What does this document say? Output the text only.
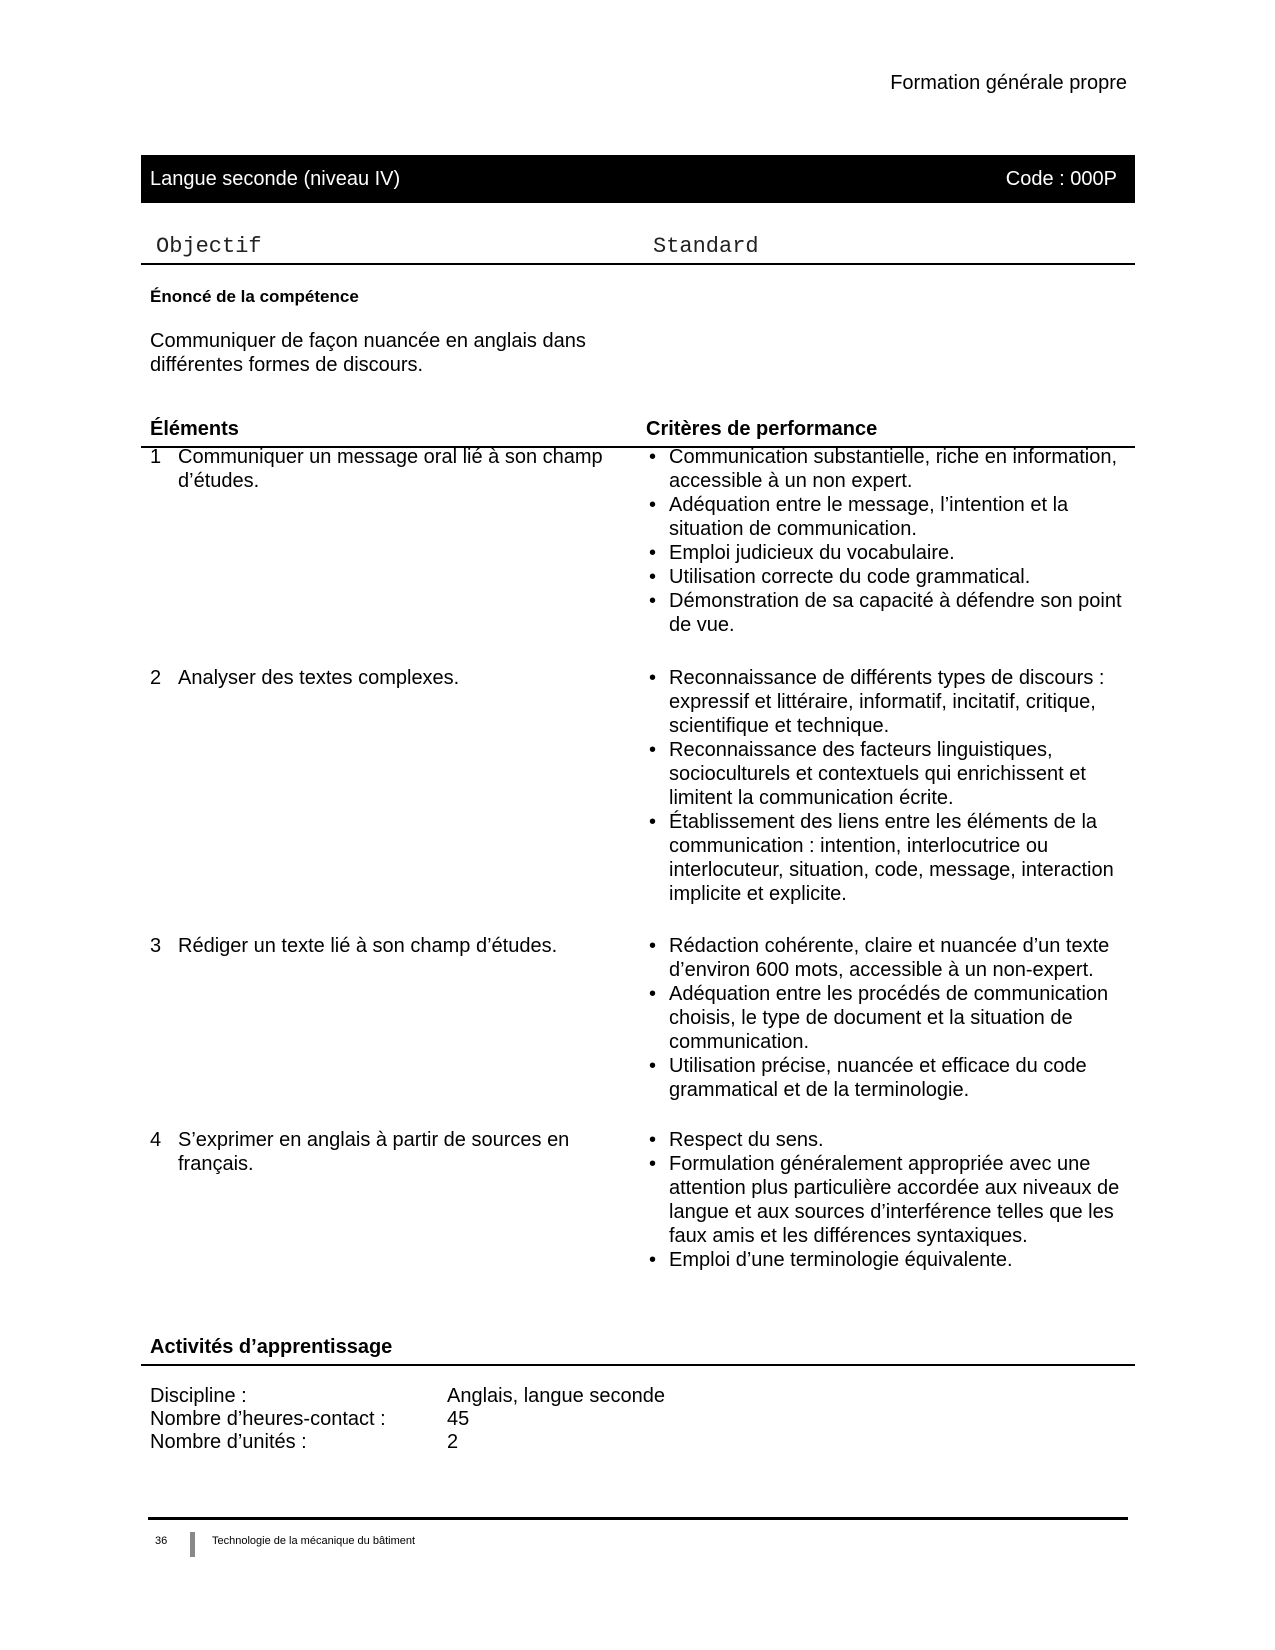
Formation générale propre
Langue seconde (niveau IV)	Code : 000P
Objectif	Standard
Énoncé de la compétence
Communiquer de façon nuancée en anglais dans différentes formes de discours.
Éléments	Critères de performance
1 Communiquer un message oral lié à son champ d’études.
• Communication substantielle, riche en information, accessible à un non expert.
• Adéquation entre le message, l’intention et la situation de communication.
• Emploi judicieux du vocabulaire.
• Utilisation correcte du code grammatical.
• Démonstration de sa capacité à défendre son point de vue.
2 Analyser des textes complexes.	• Reconnaissance de différents types de discours : expressif et littéraire, informatif, incitatif, critique, scientifique et technique.
• Reconnaissance des facteurs linguistiques, socioculturels et contextuels qui enrichissent et limitent la communication écrite.
• Établissement des liens entre les éléments de la communication : intention, interlocutrice ou interlocuteur, situation, code, message, interaction implicite et explicite.
3 Rédiger un texte lié à son champ d’études.	• Rédaction cohérente, claire et nuancée d’un texte d’environ 600 mots, accessible à un non-expert.
• Adéquation entre les procédés de communication choisis, le type de document et la situation de communication.
• Utilisation précise, nuancée et efficace du code grammatical et de la terminologie.
4 S’exprimer en anglais à partir de sources en français.
• Respect du sens.
• Formulation généralement appropriée avec une attention plus particulière accordée aux niveaux de langue et aux sources d’interférence telles que les faux amis et les différences syntaxiques.
• Emploi d’une terminologie équivalente.
Activités d’apprentissage
Discipline :	Anglais, langue seconde
Nombre d’heures-contact :	45
Nombre d’unités :	2
36	Technologie de la mécanique du bâtiment
